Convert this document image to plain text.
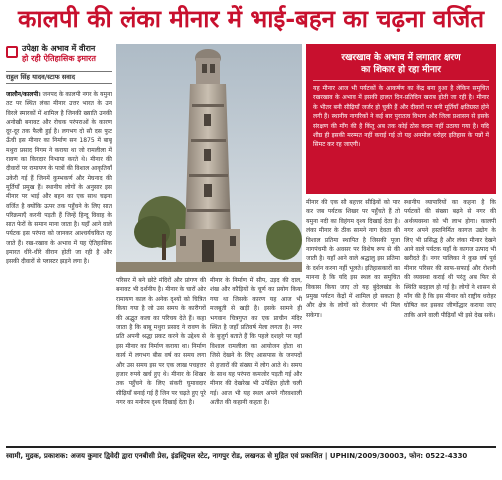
कालपी की लंका मीनार में भाई-बहन का चढ़ना वर्जित
उपेक्षा के अभाव में वीरान
हो रही ऐतिहासिक इमारत
राहुल सिंह यादव/स्टाफ सवाद
जालौन/कालपी। जनपद के कालपी नगर के यमुना तट पर स्थित लंका मीनार उत्तर भारत के उन विरले स्मारकों में शामिल है जिनकी ख्याति उनकी अनोखी बनावट और रोचक परंपराओं के कारण दूर-दूर तक फैली हुई है। लगभग दो सौ दस फुट ऊँची इस मीनार का निर्माण सन 1875 में बाबू मथुरा प्रसाद निगम ने कराया था जो रामलीला में रावण का किरदार निभाया करते थे। मीनार की दीवारों पर रामायण के पात्रों की विशाल आकृतियाँ उकेरी गई हैं जिनमें कुम्भकर्ण और मेघनाद की मूर्तियाँ प्रमुख हैं। स्थानीय लोगों के अनुसार इस मीनार पर भाई और बहन का एक साथ चढ़ना वर्जित है क्योंकि ऊपर तक पहुँचने के लिए सात परिक्रमाएँ करनी पड़ती हैं जिन्हें हिन्दू विवाह के सात फेरों के समान माना जाता है। यहाँ आने वाले पर्यटक इस परंपरा को जानकर आश्चर्यचकित रह जाते हैं। रख-रखाव के अभाव में यह ऐतिहासिक इमारत धीरे-धीरे वीरान होती जा रही है और इसकी दीवारों से प्लास्टर झड़ने लगा है।
रखरखाव के अभाव में लगातार क्षरण
का शिकार हो रहा मीनार
यह मीनार आज भी पर्यटकों के आकर्षण का केंद्र बना हुआ है लेकिन समुचित रखरखाव के अभाव में इसकी हालत दिन-प्रतिदिन खराब होती जा रही है। मीनार के भीतर बनी सीढ़ियाँ जर्जर हो चुकी हैं और दीवारों पर बनी मूर्तियाँ क्षतिग्रस्त होने लगी हैं। स्थानीय नागरिकों ने कई बार पुरातत्व विभाग और जिला प्रशासन से इसके संरक्षण की माँग की है किंतु अब तक कोई ठोस कदम नहीं उठाया गया है। यदि शीघ्र ही इसकी मरम्मत नहीं कराई गई तो यह अनमोल धरोहर इतिहास के पन्नों में सिमट कर रह जाएगी।
परिसर में बने छोटे मंदिरों और प्रांगण की बनावट भी दर्शनीय है। मीनार के चारों ओर रामायण काल के अनेक दृश्यों को चित्रित किया गया है जो उस समय के कारीगरों की अद्भुत कला का परिचय देते हैं। कहा जाता है कि बाबू मथुरा प्रसाद ने रावण के प्रति अपनी श्रद्धा प्रकट करने के उद्देश्य से इस मीनार का निर्माण कराया था। निर्माण कार्य में लगभग बीस वर्ष का समय लगा और उस समय इस पर एक लाख पचहत्तर हजार रुपये खर्च हुए थे। मीनार के शिखर तक पहुँचने के लिए संकरी घुमावदार सीढ़ियाँ बनाई गई हैं जिन पर चढ़ते हुए पूरे नगर का मनोरम दृश्य दिखाई देता है।
मीनार के निर्माण में सीप, उड़द की दाल, शंख और कौड़ियों के चूर्ण का प्रयोग किया गया था जिसके कारण यह आज भी मजबूती से खड़ी है। इसके सामने ही भगवान चित्रगुप्त का एक प्राचीन मंदिर स्थित है जहाँ प्रतिवर्ष मेला लगता है। नगर के बुजुर्ग बताते हैं कि पहले दशहरे पर यहाँ विशाल रामलीला का आयोजन होता था जिसे देखने के लिए आसपास के जनपदों से हजारों की संख्या में लोग आते थे। समय के साथ यह परंपरा कमजोर पड़ती गई और मीनार की देखरेख भी उपेक्षित होती चली गई। आज भी यह स्थल अपने गौरवशाली अतीत की कहानी कहता है।
मीनार की एक सौ बहत्तर सीढ़ियों को पार कर जब पर्यटक शिखर पर पहुँचते हैं तो यमुना नदी का विहंगम दृश्य दिखाई देता है। लंका मीनार के ठीक सामने नाग देवता की विशाल प्रतिमा स्थापित है जिसकी पूजा नागपंचमी के अवसर पर विशेष रूप से की जाती है। यहाँ आने वाले श्रद्धालु इस प्रतिमा के दर्शन करना नहीं भूलते। इतिहासकारों का मानना है कि यदि इस स्थल का समुचित विकास किया जाए तो यह बुंदेलखंड के प्रमुख पर्यटन केंद्रों में शामिल हो सकता है और क्षेत्र के लोगों को रोजगार भी मिल सकेगा।
स्थानीय व्यापारियों का कहना है कि पर्यटकों की संख्या बढ़ने से नगर की अर्थव्यवस्था को भी लाभ होगा। कालपी नगर अपने हस्तनिर्मित कागज उद्योग के लिए भी प्रसिद्ध है और लंका मीनार देखने आने वाले पर्यटक यहाँ के कागज उत्पाद भी खरीदते हैं। नगर पालिका ने कुछ वर्ष पूर्व मीनार परिसर की साफ-सफाई और रोशनी की व्यवस्था कराई थी परंतु अब फिर से स्थिति बदहाल हो गई है। लोगों ने शासन से माँग की है कि इस मीनार को राष्ट्रीय धरोहर घोषित कर इसका जीर्णोद्धार कराया जाए ताकि आने वाली पीढ़ियाँ भी इसे देख सकें।
स्वामी, मुद्रक, प्रकाशक: अजय कुमार द्विवेदी द्वारा एनबीसी प्रेस, इंडस्ट्रियल स्टेट, नागपुर रोड, लखनऊ से मुद्रित एवं प्रकाशित | UPHIN/2009/30003, फोन: 0522-4330
